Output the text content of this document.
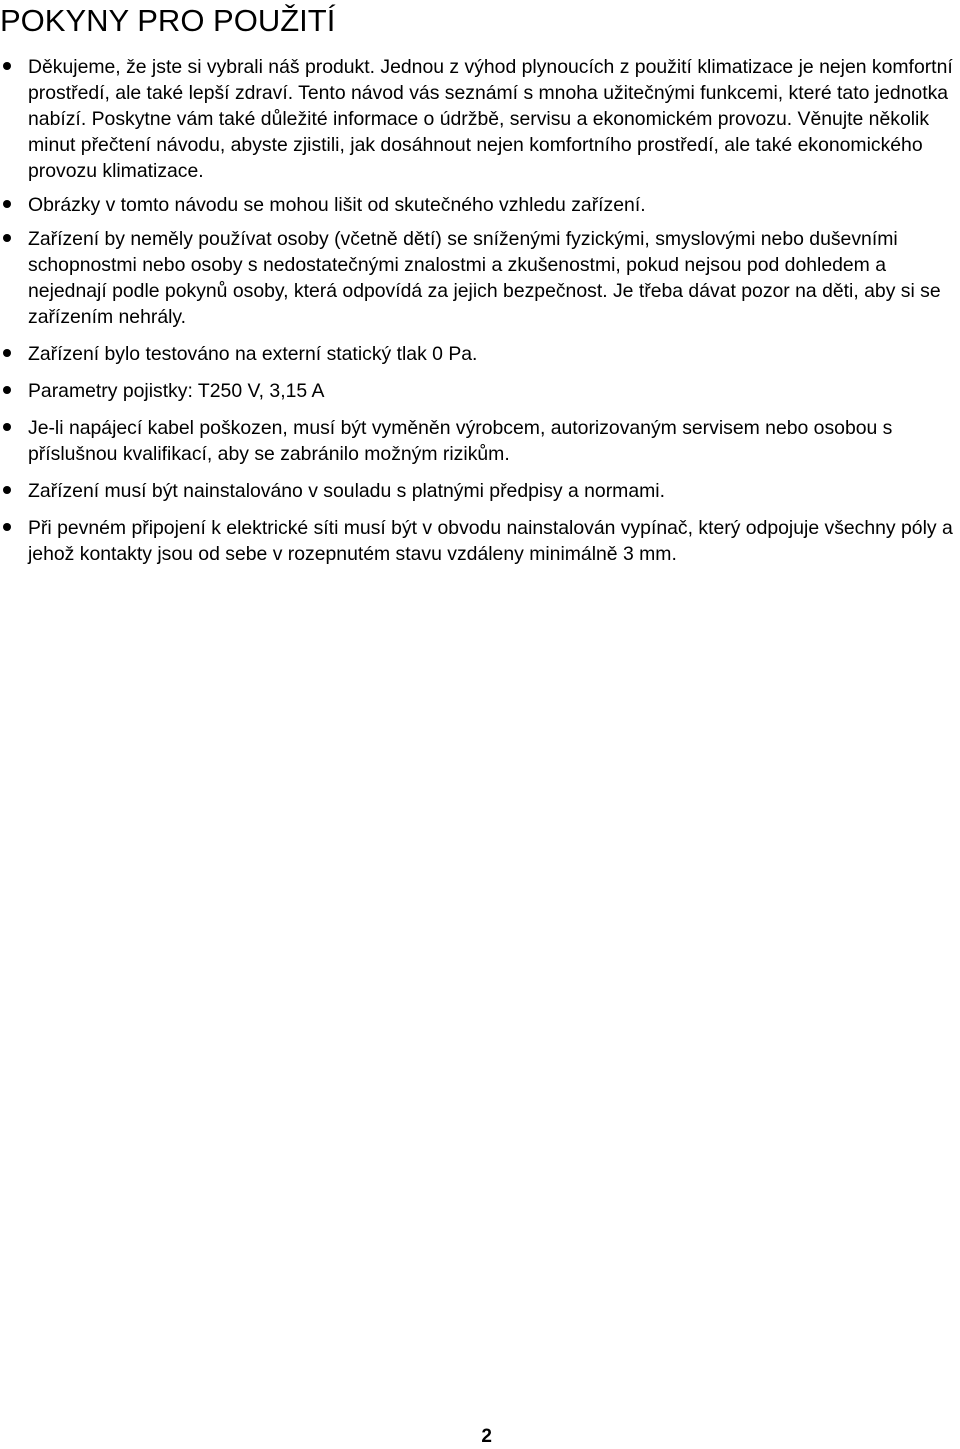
POKYNY PRO POUŽITÍ
Děkujeme, že jste si vybrali náš produkt. Jednou z výhod plynoucích z použití klimatizace je nejen komfortní prostředí, ale také lepší zdraví. Tento návod vás seznámí s mnoha užitečnými funkcemi, které tato jednotka nabízí. Poskytne vám také důležité informace o údržbě, servisu a ekonomickém provozu. Věnujte několik minut přečtení návodu, abyste zjistili, jak dosáhnout nejen komfortního prostředí, ale také ekonomického provozu klimatizace.
Obrázky v tomto návodu se mohou lišit od skutečného vzhledu zařízení.
Zařízení by neměly používat osoby (včetně dětí) se sníženými fyzickými, smyslovými nebo duševními schopnostmi nebo osoby s nedostatečnými znalostmi a zkušenostmi, pokud nejsou pod dohledem a nejednají podle pokynů osoby, která odpovídá za jejich bezpečnost. Je třeba dávat pozor na děti, aby si se zařízením nehrály.
Zařízení bylo testováno na externí statický tlak 0 Pa.
Parametry pojistky: T250 V, 3,15 A
Je-li napájecí kabel poškozen, musí být vyměněn výrobcem, autorizovaným servisem nebo osobou s příslušnou kvalifikací, aby se zabránilo možným rizikům.
Zařízení musí být nainstalováno v souladu s platnými předpisy a normami.
Při pevném připojení k elektrické síti musí být v obvodu nainstalován vypínač, který odpojuje všechny póly a jehož kontakty jsou od sebe v rozepnutém stavu vzdáleny minimálně 3 mm.
2
